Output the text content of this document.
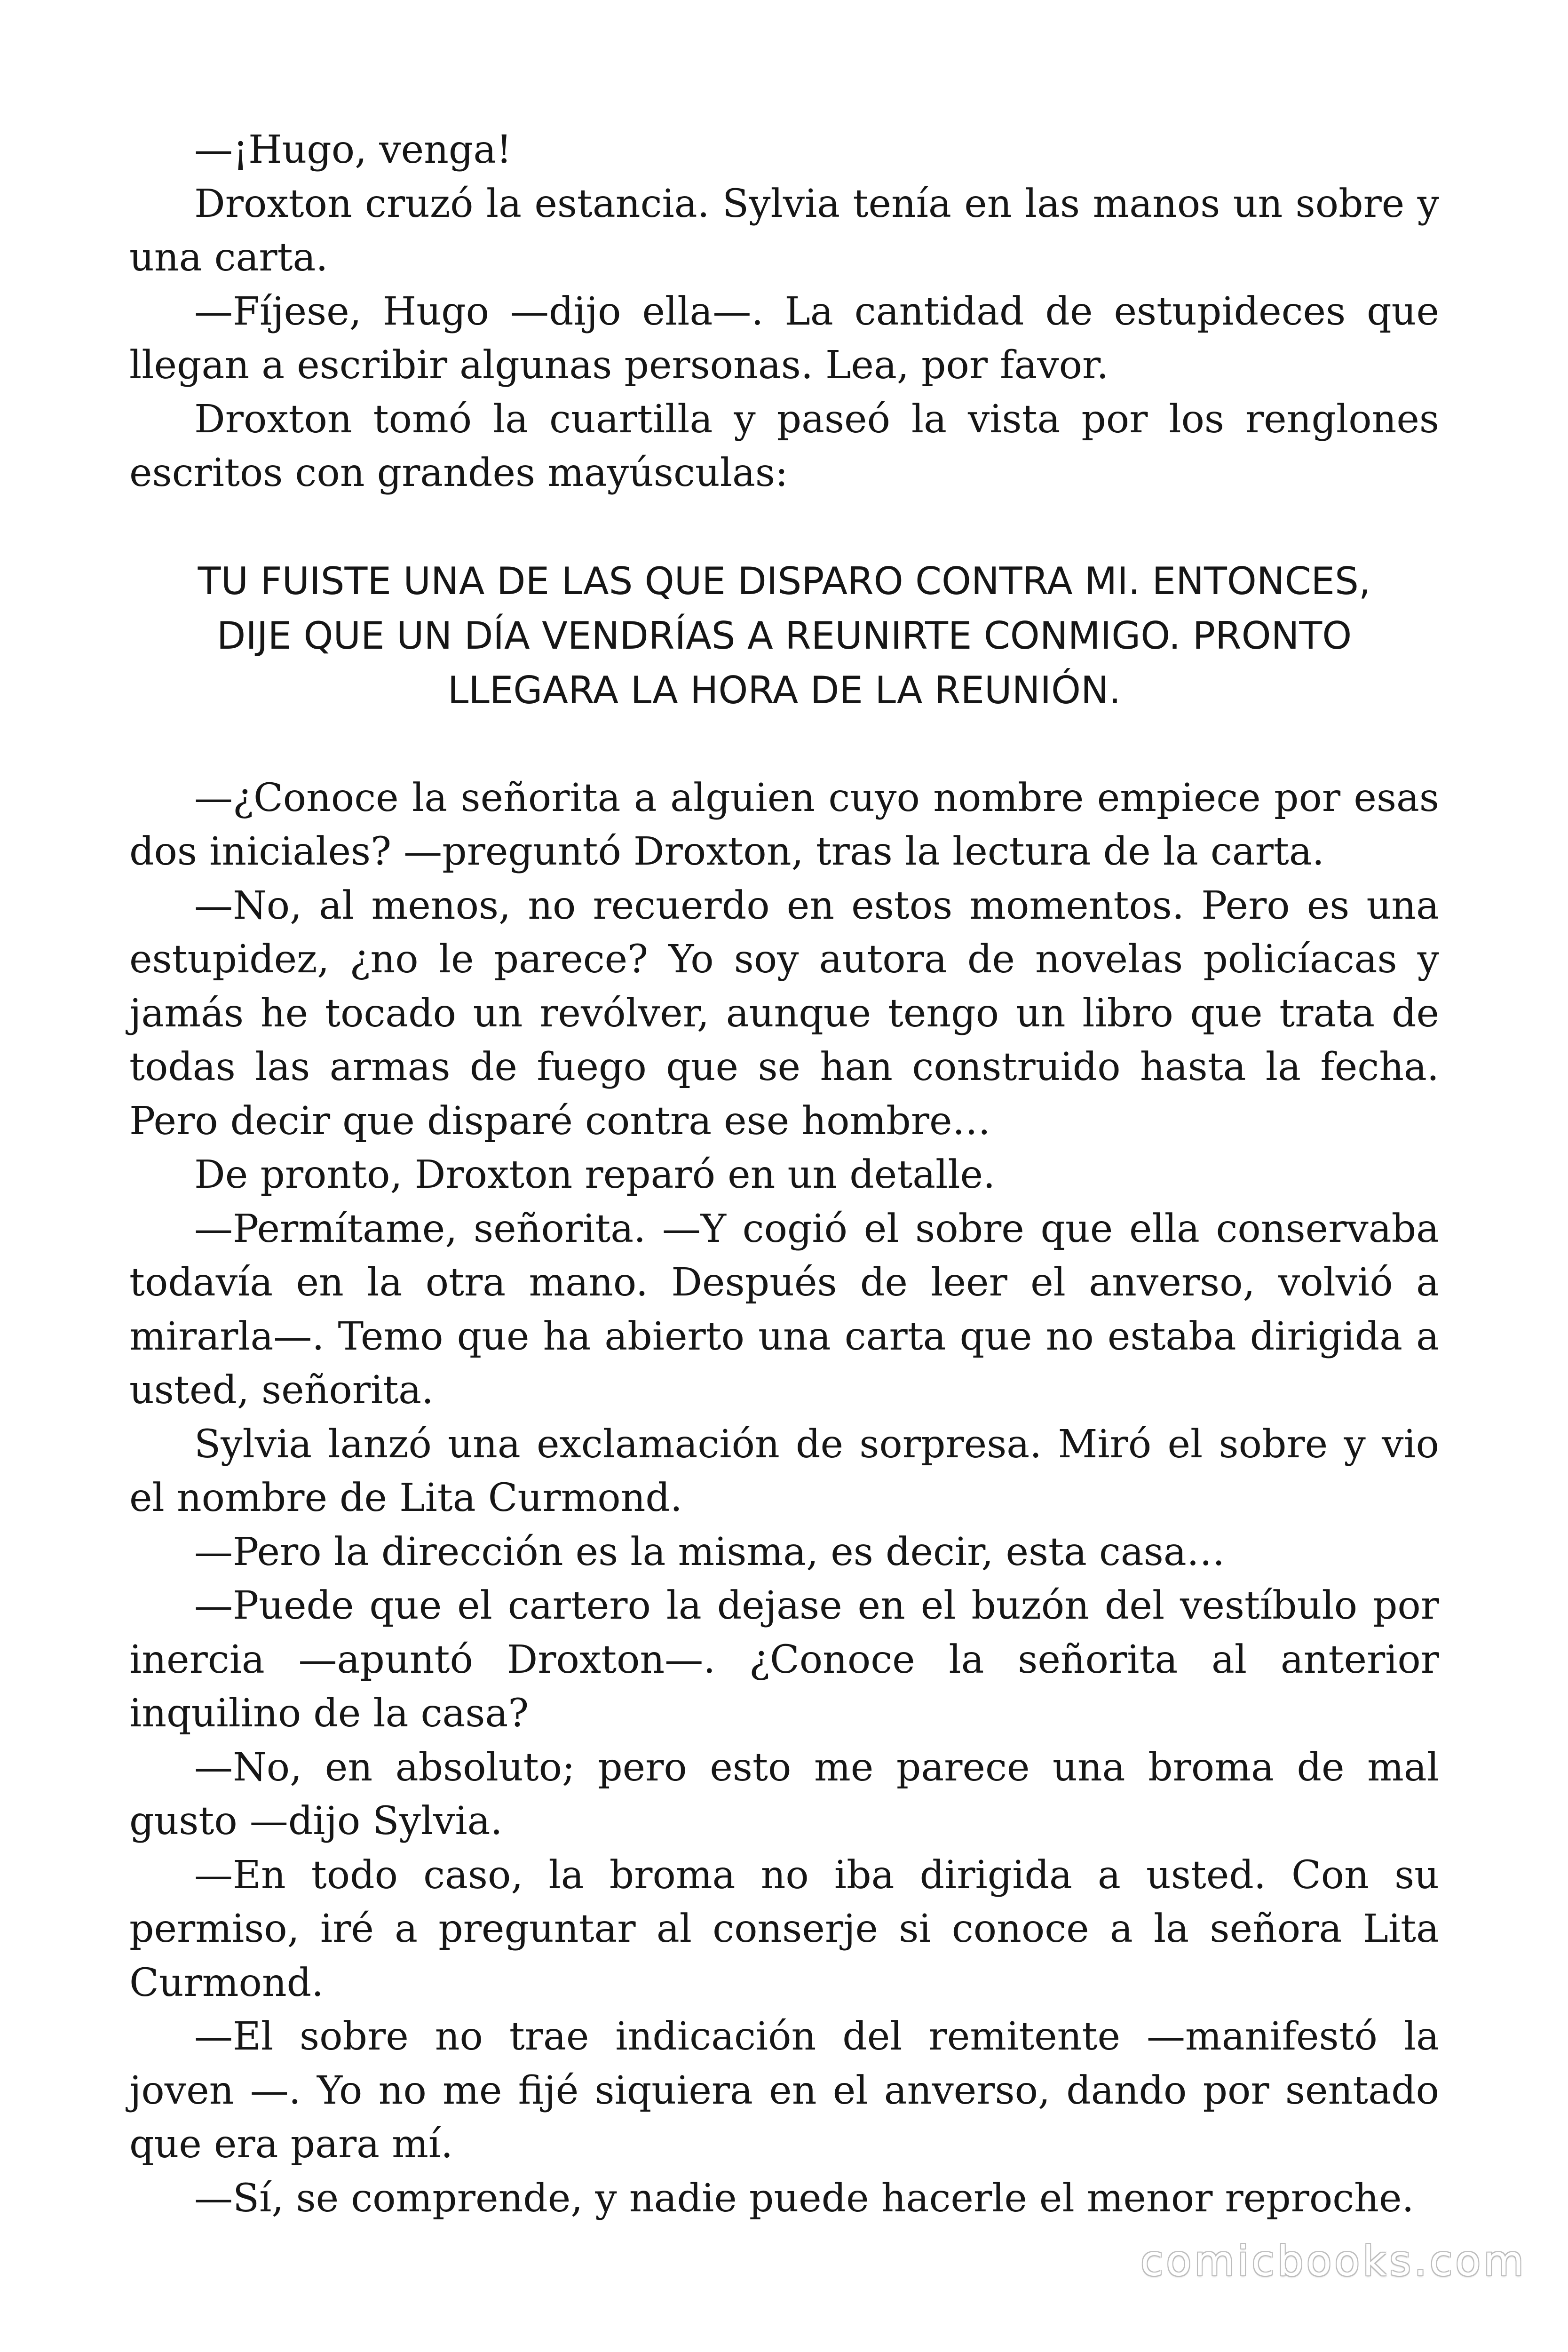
—¡Hugo, venga!

Droxton cruzó la estancia. Sylvia tenía en las manos un sobre y una carta.

—Fíjese, Hugo —dijo ella—. La cantidad de estupideces que llegan a escribir algunas personas. Lea, por favor.

Droxton tomó la cuartilla y paseó la vista por los renglones escritos con grandes mayúsculas:

TU FUISTE UNA DE LAS QUE DISPARO CONTRA MI. ENTONCES,
DIJE QUE UN DÍA VENDRÍAS A REUNIRTE CONMIGO. PRONTO
LLEGARA LA HORA DE LA REUNIÓN.

—¿Conoce la señorita a alguien cuyo nombre empiece por esas dos iniciales? —preguntó Droxton, tras la lectura de la carta.

—No, al menos, no recuerdo en estos momentos. Pero es una estupidez, ¿no le parece? Yo soy autora de novelas policíacas y jamás he tocado un revólver, aunque tengo un libro que trata de todas las armas de fuego que se han construido hasta la fecha. Pero decir que disparé contra ese hombre…

De pronto, Droxton reparó en un detalle.

—Permítame, señorita. —Y cogió el sobre que ella conservaba todavía en la otra mano. Después de leer el anverso, volvió a mirarla—. Temo que ha abierto una carta que no estaba dirigida a usted, señorita.

Sylvia lanzó una exclamación de sorpresa. Miró el sobre y vio el nombre de Lita Curmond.

—Pero la dirección es la misma, es decir, esta casa…

—Puede que el cartero la dejase en el buzón del vestíbulo por inercia —apuntó Droxton—. ¿Conoce la señorita al anterior inquilino de la casa?

—No, en absoluto; pero esto me parece una broma de mal gusto —dijo Sylvia.

—En todo caso, la broma no iba dirigida a usted. Con su permiso, iré a preguntar al conserje si conoce a la señora Lita Curmond.

—El sobre no trae indicación del remitente —manifestó la joven —. Yo no me fijé siquiera en el anverso, dando por sentado que era para mí.

—Sí, se comprende, y nadie puede hacerle el menor reproche.

comicbooks.com
